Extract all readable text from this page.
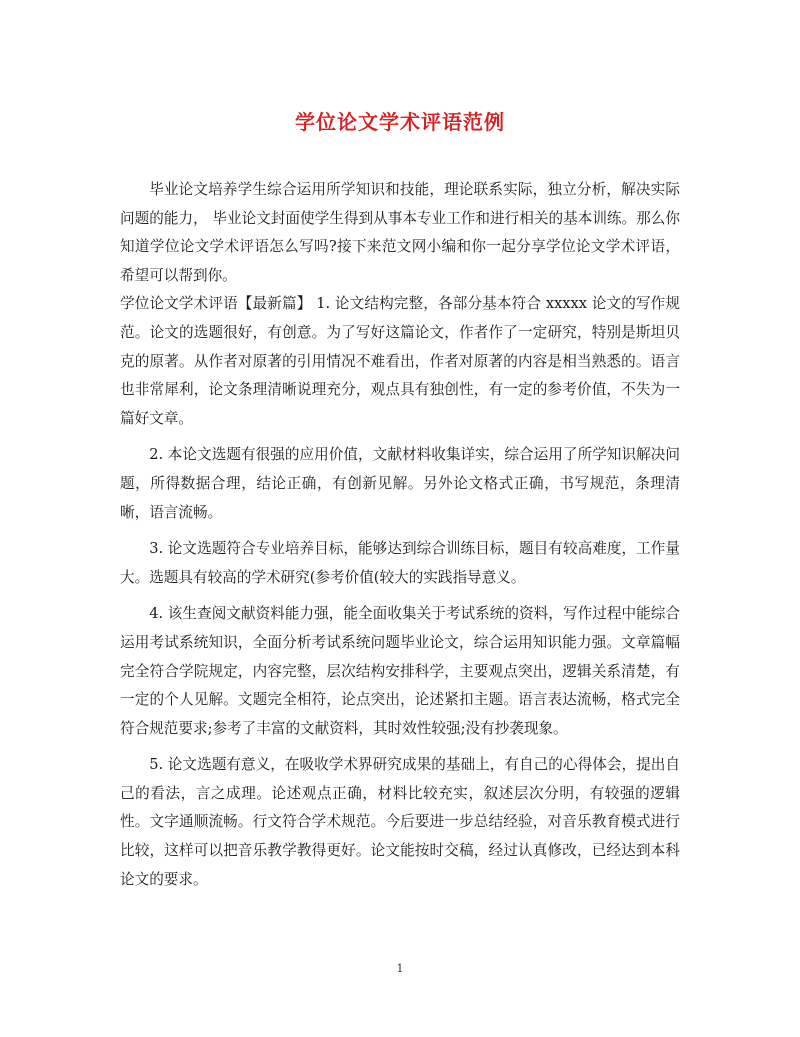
学位论文学术评语范例

毕业论文培养学生综合运用所学知识和技能，理论联系实际，独立分析，解决实际问题的能力， 毕业论文封面使学生得到从事本专业工作和进行相关的基本训练。那么你知道学位论文学术评语怎么写吗?接下来范文网小编和你一起分享学位论文学术评语，希望可以帮到你。

学位论文学术评语【最新篇】 1. 论文结构完整，各部分基本符合 xxxxx 论文的写作规范。论文的选题很好，有创意。为了写好这篇论文，作者作了一定研究，特别是斯坦贝克的原著。从作者对原著的引用情况不难看出，作者对原著的内容是相当熟悉的。语言也非常犀利，论文条理清晰说理充分，观点具有独创性，有一定的参考价值，不失为一篇好文章。

2. 本论文选题有很强的应用价值，文献材料收集详实，综合运用了所学知识解决问题，所得数据合理，结论正确，有创新见解。另外论文格式正确，书写规范，条理清晰，语言流畅。

3. 论文选题符合专业培养目标，能够达到综合训练目标，题目有较高难度，工作量大。选题具有较高的学术研究(参考价值(较大的实践指导意义。

4. 该生查阅文献资料能力强，能全面收集关于考试系统的资料，写作过程中能综合运用考试系统知识，全面分析考试系统问题毕业论文，综合运用知识能力强。文章篇幅完全符合学院规定，内容完整，层次结构安排科学，主要观点突出，逻辑关系清楚，有一定的个人见解。文题完全相符，论点突出，论述紧扣主题。语言表达流畅，格式完全符合规范要求;参考了丰富的文献资料，其时效性较强;没有抄袭现象。

5. 论文选题有意义，在吸收学术界研究成果的基础上，有自己的心得体会，提出自己的看法，言之成理。论述观点正确，材料比较充实，叙述层次分明，有较强的逻辑性。文字通顺流畅。行文符合学术规范。今后要进一步总结经验，对音乐教育模式进行比较，这样可以把音乐教学教得更好。论文能按时交稿，经过认真修改，已经达到本科论文的要求。

1
